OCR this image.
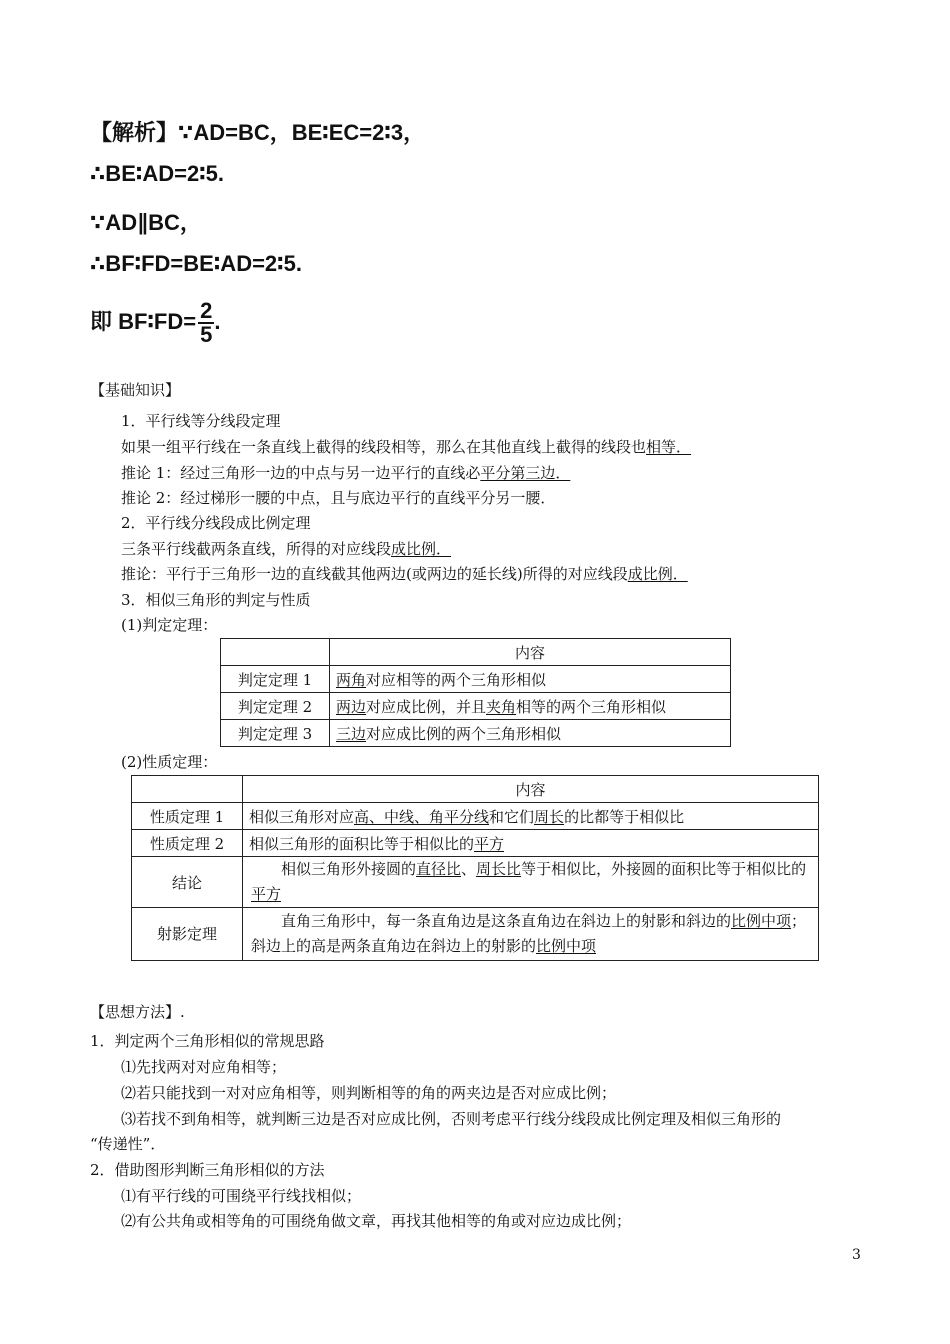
【解析】∵AD=BC，BE∶EC=2∶3，
∴BE∶AD=2∶5.
∵AD∥BC，
∴BF∶FD=BE∶AD=2∶5.
即 BF∶FD= $\frac{2}{5}$ .
【基础知识】
1．平行线等分线段定理
如果一组平行线在一条直线上截得的线段相等，那么在其他直线上截得的线段也相等．
推论 1：经过三角形一边的中点与另一边平行的直线必平分第三边．
推论 2：经过梯形一腰的中点，且与底边平行的直线平分另一腰．
2．平行线分线段成比例定理
三条平行线截两条直线，所得的对应线段成比例．
推论：平行于三角形一边的直线截其他两边(或两边的延长线)所得的对应线段成比例．
3．相似三角形的判定与性质
(1)判定定理：
	内容
判定定理 1	两角对应相等的两个三角形相似
判定定理 2	两边对应成比例，并且夹角相等的两个三角形相似
判定定理 3	三边对应成比例的两个三角形相似
(2)性质定理：
	内容
性质定理 1	相似三角形对应高、中线、角平分线和它们周长的比都等于相似比
性质定理 2	相似三角形的面积比等于相似比的平方
结论	相似三角形外接圆的直径比、周长比等于相似比，外接圆的面积比等于相似比的平方

射影定理	直角三角形中，每一条直角边是这条直角边在斜边上的射影和斜边的比例中项；斜边上的高是两条直角边在斜边上的射影的比例中项
【思想方法】.
1．判定两个三角形相似的常规思路
⑴先找两对对应角相等；
⑵若只能找到一对对应角相等，则判断相等的角的两夹边是否对应成比例；
⑶若找不到角相等，就判断三边是否对应成比例，否则考虑平行线分线段成比例定理及相似三角形的
“传递性”．
2．借助图形判断三角形相似的方法
⑴有平行线的可围绕平行线找相似；
⑵有公共角或相等角的可围绕角做文章，再找其他相等的角或对应边成比例；
3
